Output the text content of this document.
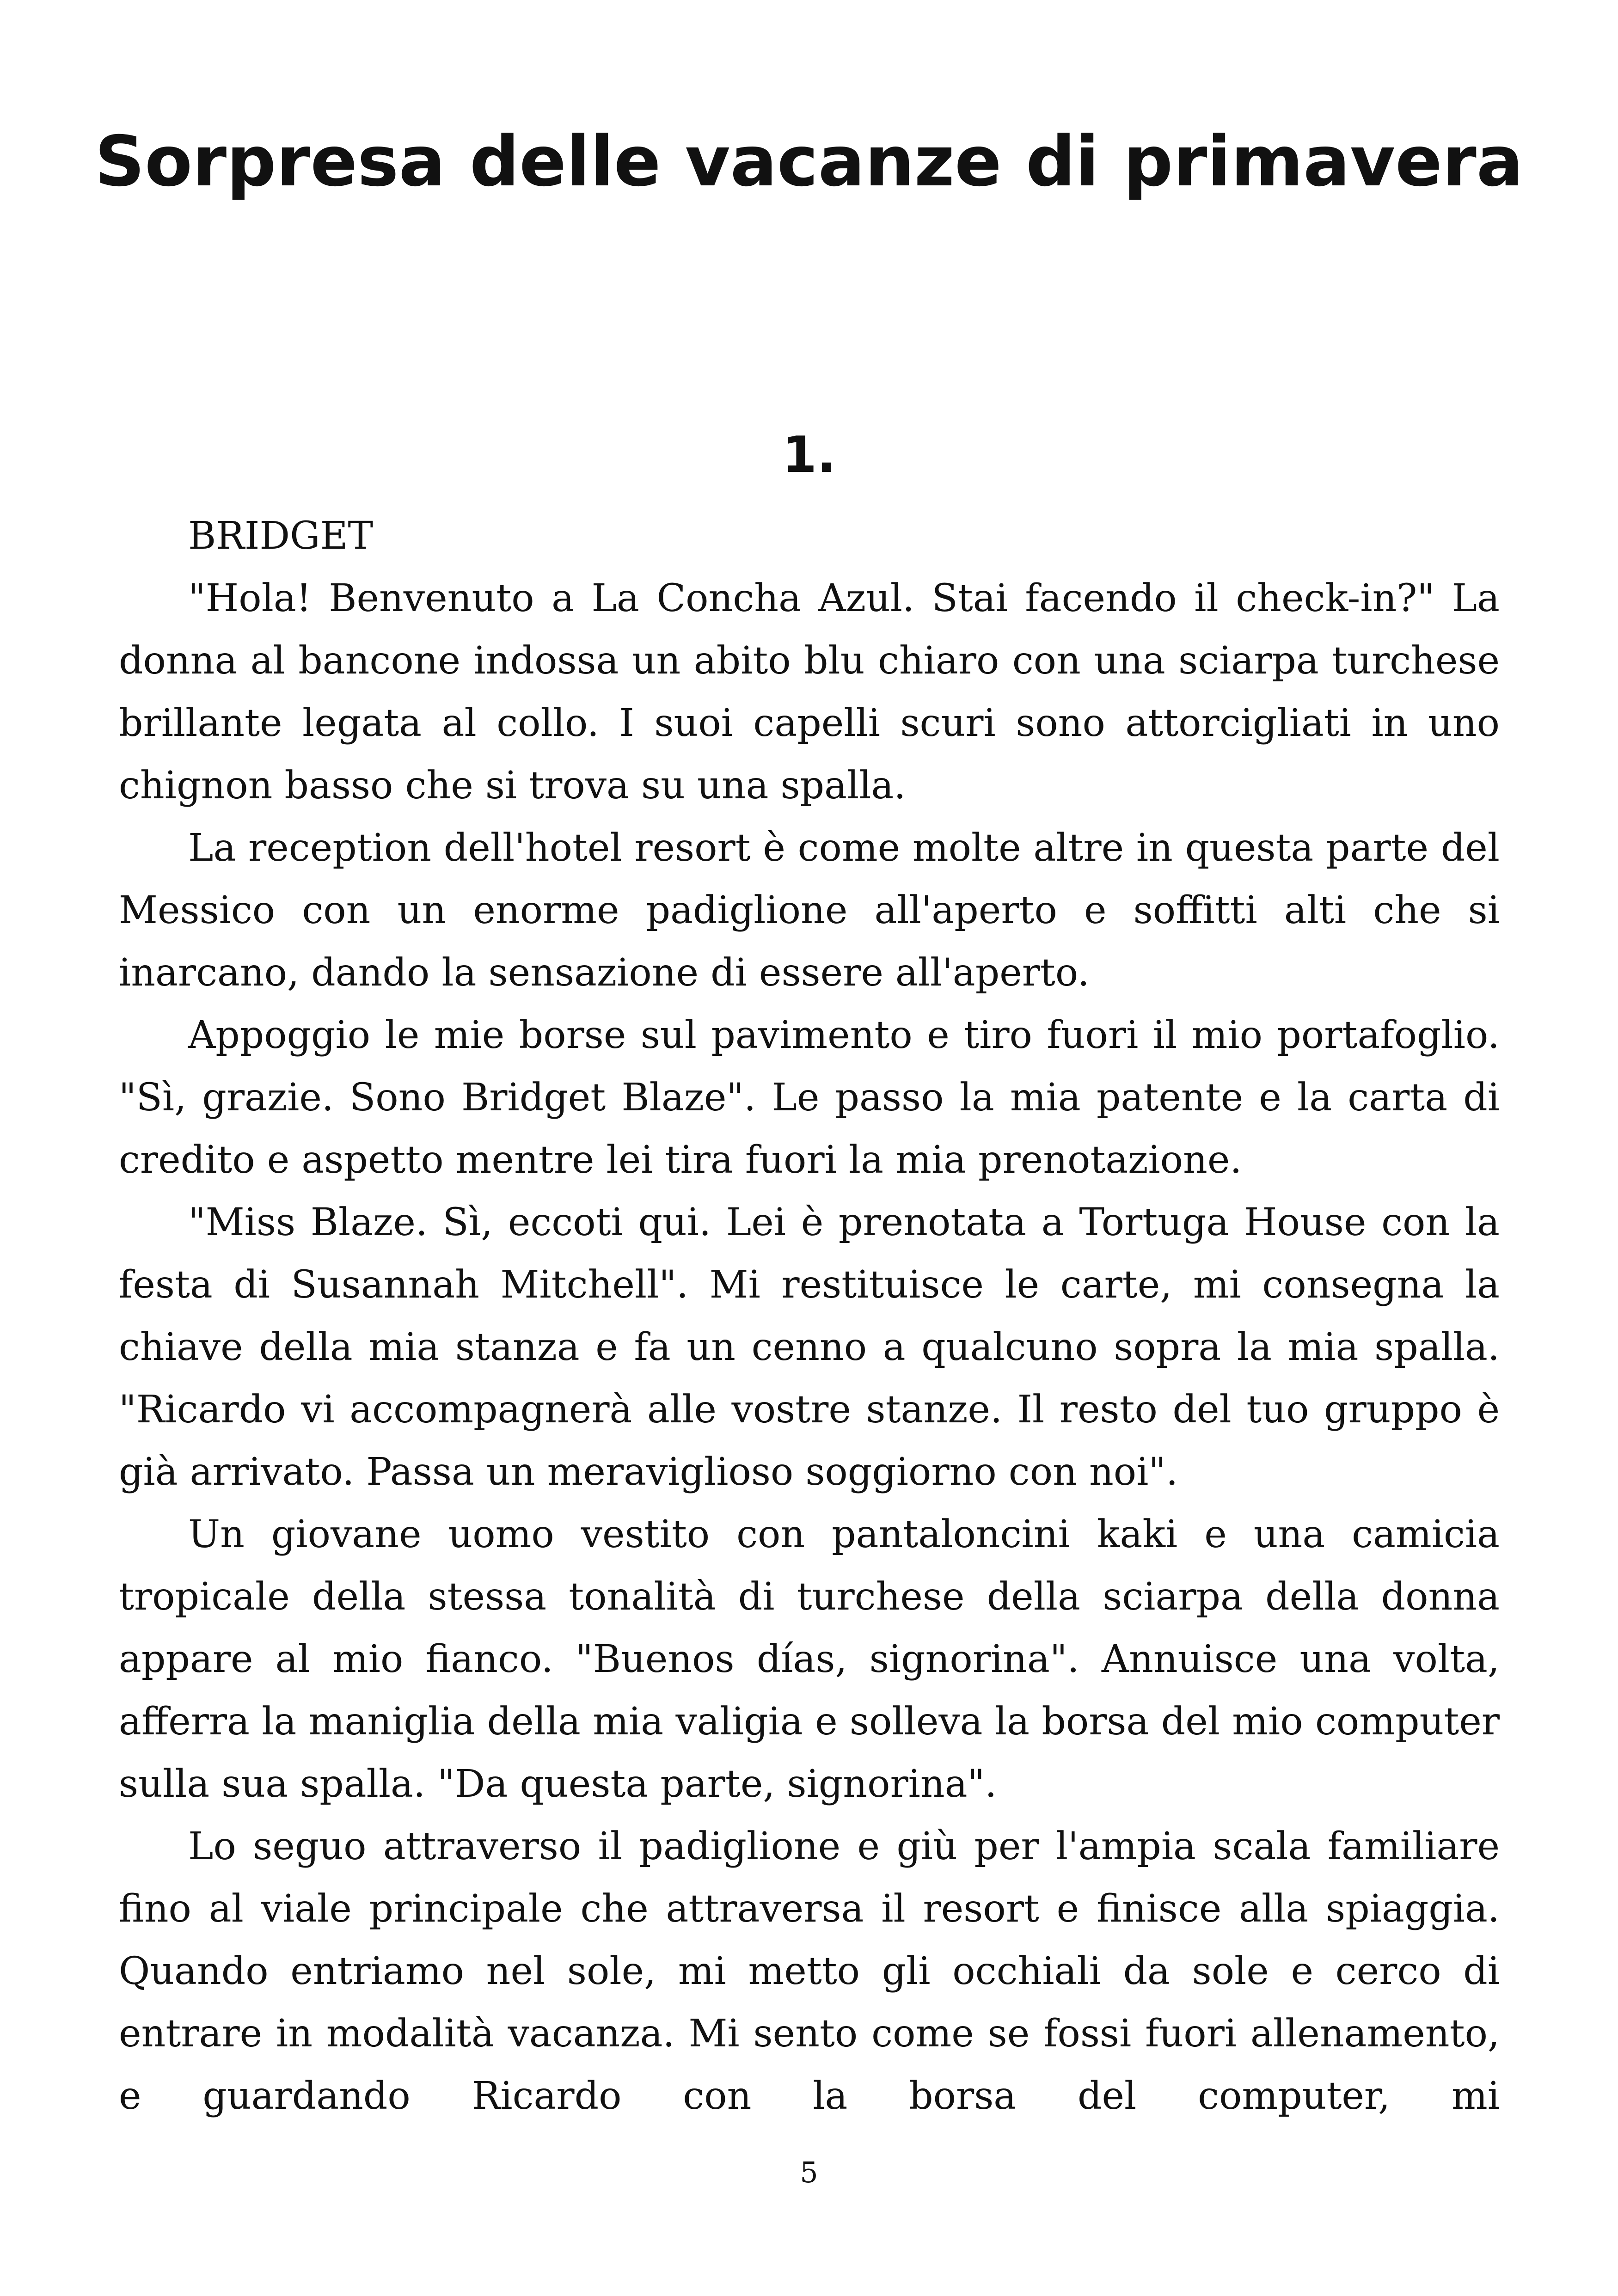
Sorpresa delle vacanze di primavera
1.

BRIDGET

"Hola! Benvenuto a La Concha Azul. Stai facendo il check-in?" La donna al bancone indossa un abito blu chiaro con una sciarpa turchese brillante legata al collo. I suoi capelli scuri sono attorcigliati in uno chignon basso che si trova su una spalla.

La reception dell'hotel resort è come molte altre in questa parte del Messico con un enorme padiglione all'aperto e soffitti alti che si inarcano, dando la sensazione di essere all'aperto.

Appoggio le mie borse sul pavimento e tiro fuori il mio portafoglio. "Sì, grazie. Sono Bridget Blaze". Le passo la mia patente e la carta di credito e aspetto mentre lei tira fuori la mia prenotazione.

"Miss Blaze. Sì, eccoti qui. Lei è prenotata a Tortuga House con la festa di Susannah Mitchell". Mi restituisce le carte, mi consegna la chiave della mia stanza e fa un cenno a qualcuno sopra la mia spalla. "Ricardo vi accompagnerà alle vostre stanze. Il resto del tuo gruppo è già arrivato. Passa un meraviglioso soggiorno con noi".

Un giovane uomo vestito con pantaloncini kaki e una camicia tropicale della stessa tonalità di turchese della sciarpa della donna appare al mio fianco. "Buenos días, signorina". Annuisce una volta, afferra la maniglia della mia valigia e solleva la borsa del mio computer sulla sua spalla. "Da questa parte, signorina".

Lo seguo attraverso il padiglione e giù per l'ampia scala familiare fino al viale principale che attraversa il resort e finisce alla spiaggia. Quando entriamo nel sole, mi metto gli occhiali da sole e cerco di entrare in modalità vacanza. Mi sento come se fossi fuori allenamento, e guardando Ricardo con la borsa del computer, mi

5
